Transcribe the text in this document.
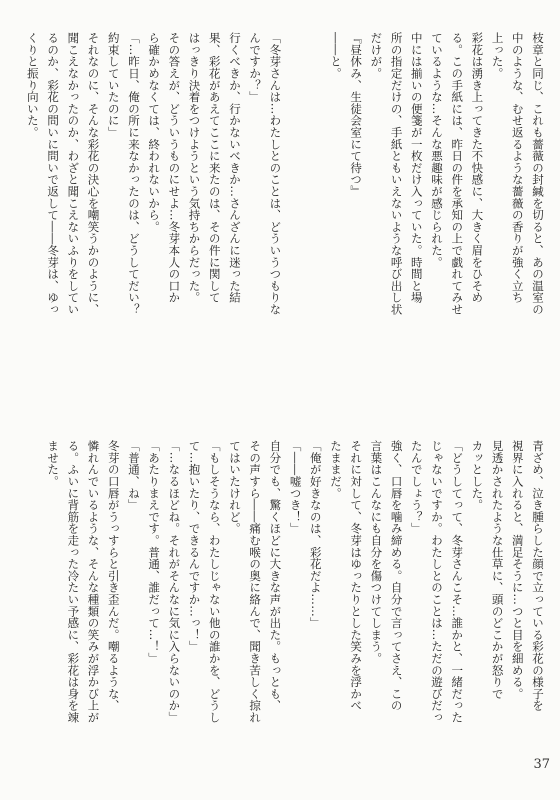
枝章と同じ、これも薔薇の封緘を切ると、あの温室の
中のような、むせ返るような薔薇の香りが強く立ち
上った。
彩花は湧き上ってきた不快感に、大きく眉をひそめ
る。この手紙には、昨日の件を承知の上で戯れてみせ
ているような…そんな悪趣味が感じられた。
中には揃いの便箋が一枚だけ入っていた。時間と場
所の指定だけの、手紙ともいえないような呼び出し状
だけが。
『昼休み、生徒会室にて待つ』
――と。

「冬芽さんは…わたしとのことは、どういうつもりな
んですか？」
行くべきか、行かないべきか…さんざんに迷った結
果、彩花があえてここに来たのは、その件に関して
はっきり決着をつけようという気持ちからだった。
その答えが、どういうものにせよ…冬芽本人の口か
ら確かめなくては、終われないから。
「…昨日、俺の所に来なかったのは、どうしてだい？
約束していたのに」
それなのに、そんな彩花の決心を嘲笑うかのように、
聞こえなかったのか、わざと聞こえないふりをしてい
るのか、彩花の問いに問いで返して――冬芽は、ゆっ
くりと振り向いた。
青ざめ、泣き腫らした顔で立っている彩花の様子を
視界に入れると、満足そうに…つと目を細める。
見透かされたような仕草に、頭のどこかが怒りで
カッとした。
「どうしてって、冬芽さんこそ…誰かと、一緒だった
じゃないですか。わたしとのことは…ただの遊びだっ
たんでしょう？」
強く、口唇を噛み締める。自分で言ってさえ、この
言葉はこんなにも自分を傷つけてしまう。
それに対して、冬芽はゆったりとした笑みを浮かべ
たままだ。
「俺が好きなのは、彩花だよ……」
「――嘘つき！」
自分でも、驚くほどに大きな声が出た。もっとも、
その声すら――痛む喉の奥に絡んで、聞き苦しく掠れ
てはいたけれど。
「もしそうなら、わたしじゃない他の誰かを、どうし
て…抱いたり、できるんですか…っ！」
「…なるほどね。それがそんなに気に入らないのか」
「あたりまえです。普通、誰だって…！」
「普通、ね」
冬芽の口唇がうっすらと引き歪んだ。嘲るような、
憐れんでいるような、そんな種類の笑みが浮かび上が
る。ふいに背筋を走った冷たい予感に、彩花は身を竦
ませた。
37
